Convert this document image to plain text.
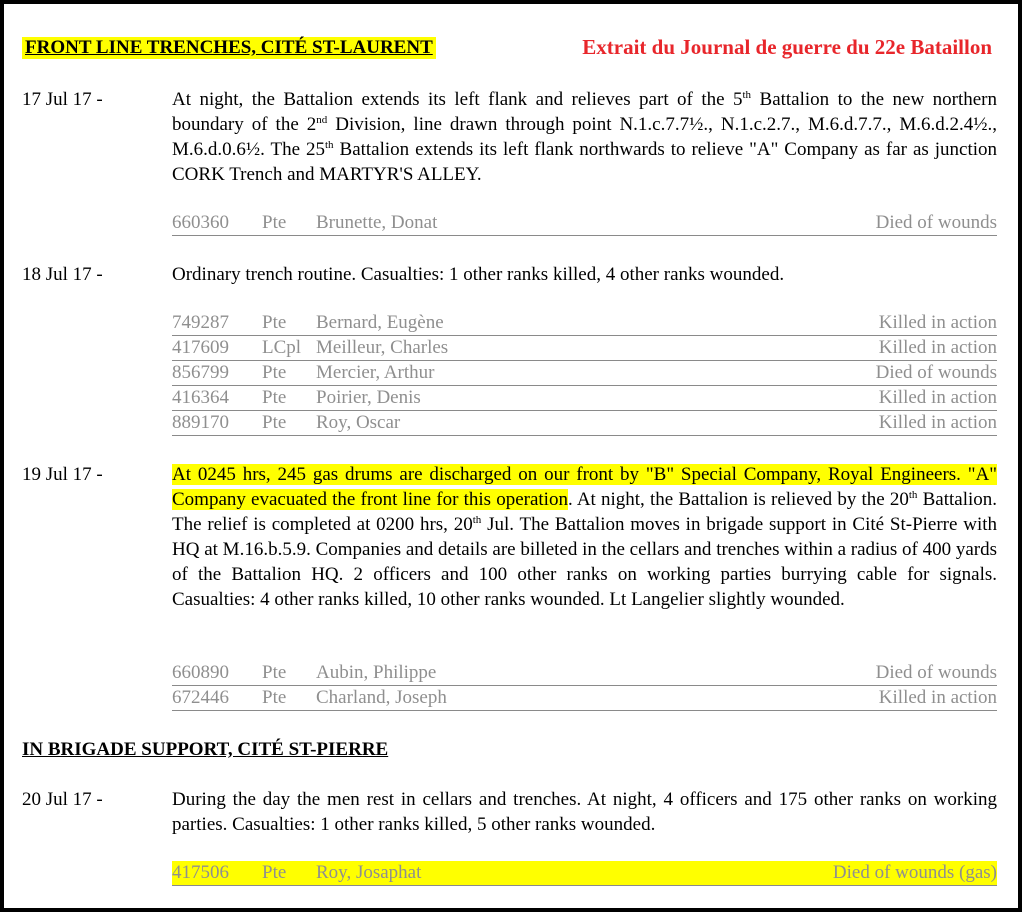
FRONT LINE TRENCHES, CITÉ ST-LAURENT	Extrait du Journal de guerre du 22e Bataillon
17 Jul 17 -	At night, the Battalion extends its left flank and relieves part of the 5th Battalion to the new northern boundary of the 2nd Division, line drawn through point N.1.c.7.7½., N.1.c.2.7., M.6.d.7.7., M.6.d.2.4½., M.6.d.0.6½. The 25th Battalion extends its left flank northwards to relieve "A" Company as far as junction CORK Trench and MARTYR'S ALLEY.
660360 Pte Brunette, Donat	Died of wounds
18 Jul 17 -	Ordinary trench routine. Casualties: 1 other ranks killed, 4 other ranks wounded.
749287 Pte Bernard, Eugène	Killed in action
417609 LCpl Meilleur, Charles	Killed in action
856799 Pte Mercier, Arthur	Died of wounds
416364 Pte Poirier, Denis	Killed in action
889170 Pte Roy, Oscar	Killed in action
19 Jul 17 -	At 0245 hrs, 245 gas drums are discharged on our front by "B" Special Company, Royal Engineers. "A" Company evacuated the front line for this operation. At night, the Battalion is relieved by the 20th Battalion. The relief is completed at 0200 hrs, 20th Jul. The Battalion moves in brigade support in Cité St-Pierre with HQ at M.16.b.5.9. Companies and details are billeted in the cellars and trenches within a radius of 400 yards of the Battalion HQ. 2 officers and 100 other ranks on working parties burrying cable for signals. Casualties: 4 other ranks killed, 10 other ranks wounded. Lt Langelier slightly wounded.
660890 Pte Aubin, Philippe	Died of wounds
672446 Pte Charland, Joseph	Killed in action
IN BRIGADE SUPPORT, CITÉ ST-PIERRE
20 Jul 17 -	During the day the men rest in cellars and trenches. At night, 4 officers and 175 other ranks on working parties. Casualties: 1 other ranks killed, 5 other ranks wounded.
417506 Pte Roy, Josaphat	Died of wounds (gas)
